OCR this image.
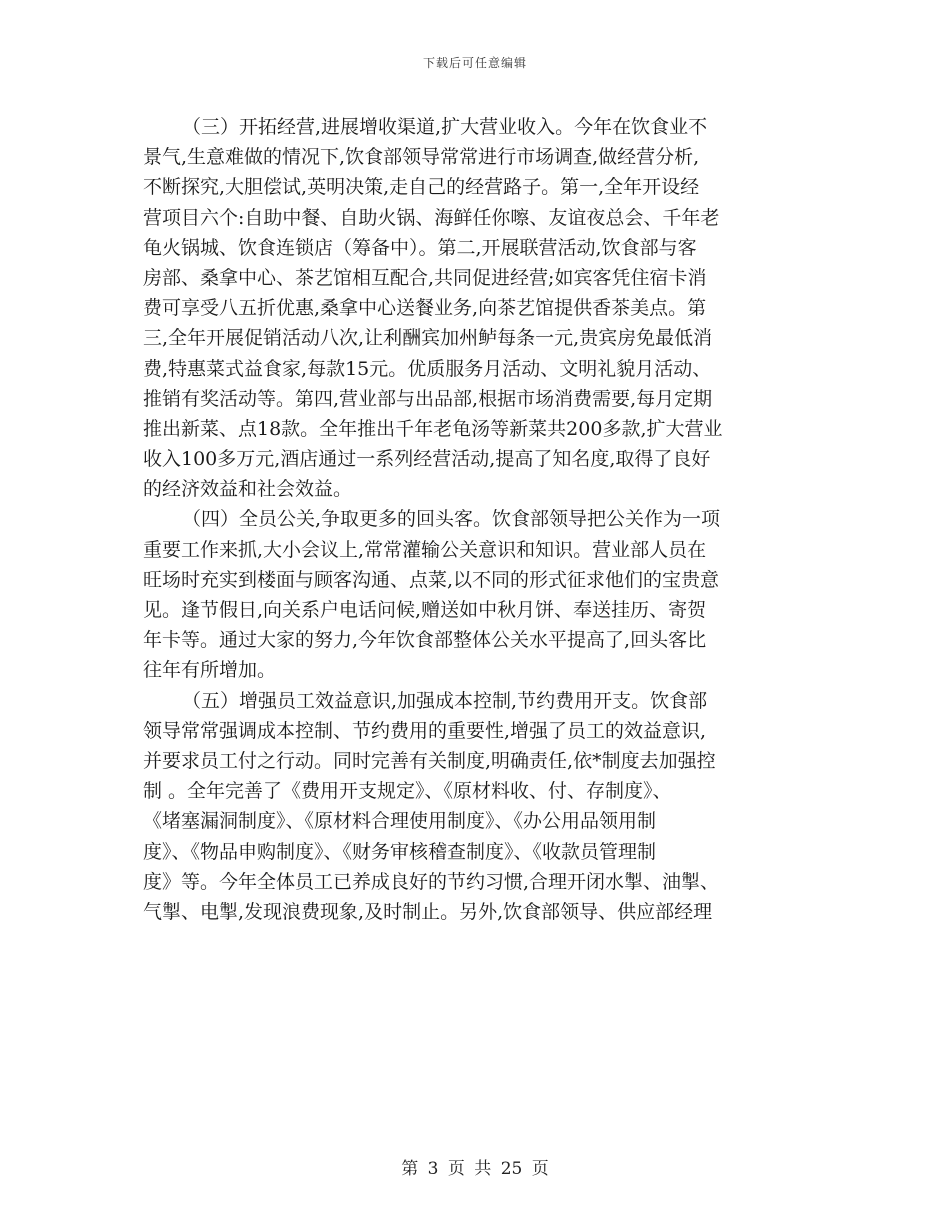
下载后可任意编辑
（三）开拓经营,进展增收渠道,扩大营业收入。今年在饮食业不
景气,生意难做的情况下,饮食部领导常常进行市场调查,做经营分析,
不断探究,大胆偿试,英明决策,走自己的经营路子。第一,全年开设经
营项目六个:自助中餐、自助火锅、海鲜任你嚓、友谊夜总会、千年老
龟火锅城、饮食连锁店（筹备中）。第二,开展联营活动,饮食部与客
房部、桑拿中心、茶艺馆相互配合,共同促进经营;如宾客凭住宿卡消
费可享受八五折优惠,桑拿中心送餐业务,向茶艺馆提供香茶美点。第
三,全年开展促销活动八次,让利酬宾加州鲈每条一元,贵宾房免最低消
费,特惠菜式益食家,每款15元。优质服务月活动、文明礼貌月活动、
推销有奖活动等。第四,营业部与出品部,根据市场消费需要,每月定期
推出新菜、点18款。全年推出千年老龟汤等新菜共200多款,扩大营业
收入100多万元,酒店通过一系列经营活动,提高了知名度,取得了良好
的经济效益和社会效益。
（四）全员公关,争取更多的回头客。饮食部领导把公关作为一项
重要工作来抓,大小会议上,常常灌输公关意识和知识。营业部人员在
旺场时充实到楼面与顾客沟通、点菜,以不同的形式征求他们的宝贵意
见。逢节假日,向关系户电话问候,赠送如中秋月饼、奉送挂历、寄贺
年卡等。通过大家的努力,今年饮食部整体公关水平提高了,回头客比
往年有所增加。
（五）增强员工效益意识,加强成本控制,节约费用开支。饮食部
领导常常强调成本控制、节约费用的重要性,增强了员工的效益意识,
并要求员工付之行动。同时完善有关制度,明确责任,依*制度去加强控
制 。全年完善了《费用开支规定》、《原材料收、付、存制度》、
《堵塞漏洞制度》、《原材料合理使用制度》、《办公用品领用制
度》、《物品申购制度》、《财务审核稽查制度》、《收款员管理制
度》等。今年全体员工已养成良好的节约习惯,合理开闭水掣、油掣、
气掣、电掣,发现浪费现象,及时制止。另外,饮食部领导、供应部经理
第 3 页 共 25 页
